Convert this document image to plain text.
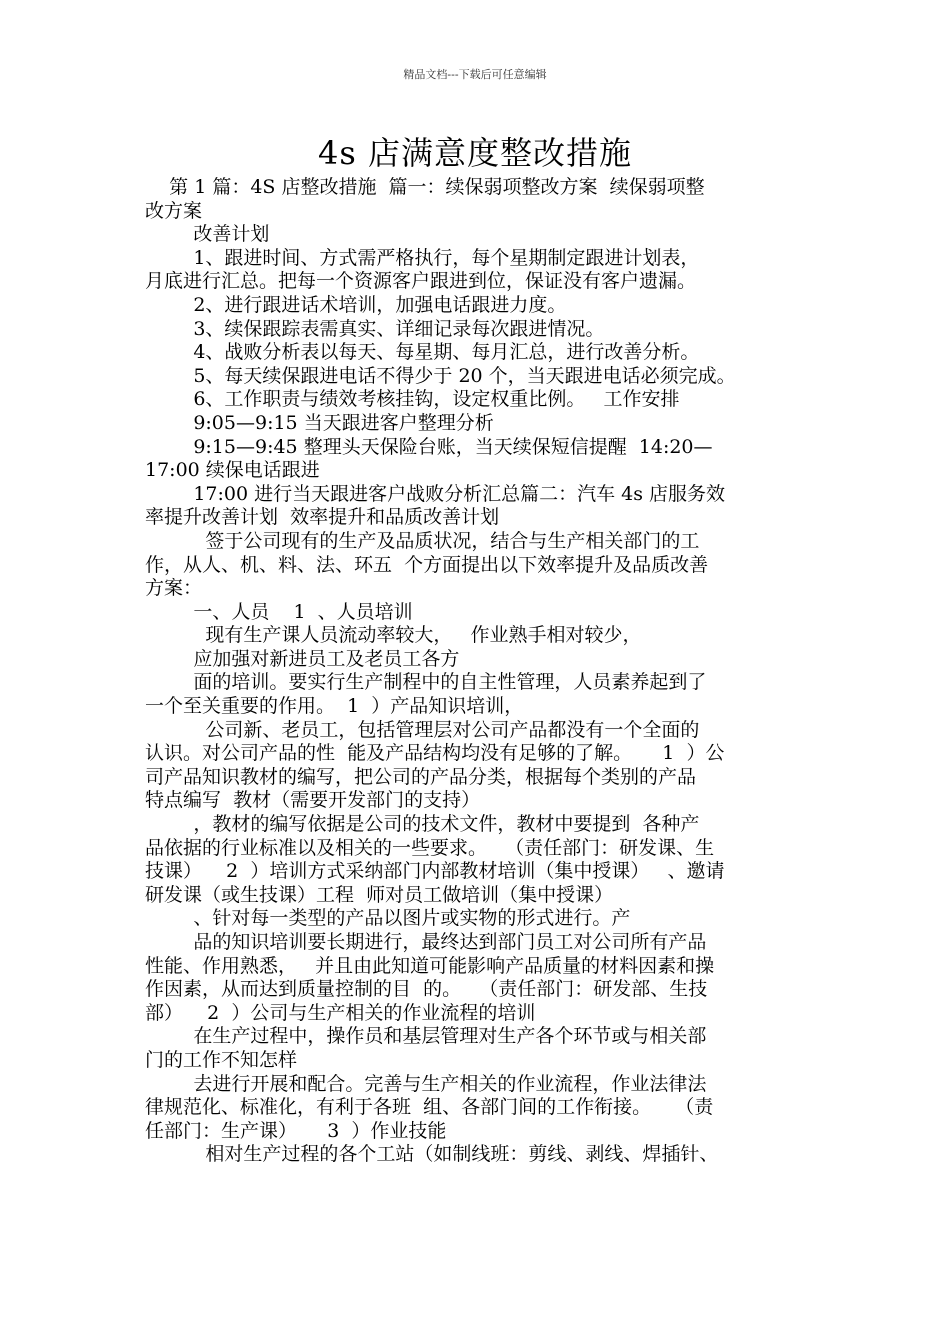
精品文档---下载后可任意编辑
4s 店满意度整改措施
第 1 篇：4S 店整改措施  篇一：续保弱项整改方案  续保弱项整
改方案
改善计划
1、跟进时间、方式需严格执行，每个星期制定跟进计划表，
月底进行汇总。把每一个资源客户跟进到位，保证没有客户遗漏。
2、进行跟进话术培训，加强电话跟进力度。
3、续保跟踪表需真实、详细记录每次跟进情况。
4、战败分析表以每天、每星期、每月汇总，进行改善分析。
5、每天续保跟进电话不得少于 20 个，当天跟进电话必须完成。
6、工作职责与绩效考核挂钩，设定权重比例。   工作安排
9:05—9:15 当天跟进客户整理分析
9:15—9:45 整理头天保险台账，当天续保短信提醒  14:20—
17:00 续保电话跟进
17:00 进行当天跟进客户战败分析汇总篇二：汽车 4s 店服务效
率提升改善计划  效率提升和品质改善计划
签于公司现有的生产及品质状况，结合与生产相关部门的工
作，从人、机、料、法、环五  个方面提出以下效率提升及品质改善
方案：
一、人员    1  、人员培训
现有生产课人员流动率较大，   作业熟手相对较少，
应加强对新进员工及老员工各方
面的培训。要实行生产制程中的自主性管理，人员素养起到了
一个至关重要的作用。  1  ）产品知识培训，
公司新、老员工，包括管理层对公司产品都没有一个全面的
认识。对公司产品的性  能及产品结构均没有足够的了解。     1  ）公
司产品知识教材的编写，把公司的产品分类，根据每个类别的产品
特点编写  教材（需要开发部门的支持）
，教材的编写依据是公司的技术文件，教材中要提到  各种产
品依据的行业标准以及相关的一些要求。   （责任部门：研发课、生
技课）    2  ）培训方式采纳部门内部教材培训（集中授课）   、邀请
研发课（或生技课）工程  师对员工做培训（集中授课）
、针对每一类型的产品以图片或实物的形式进行。产
品的知识培训要长期进行，最终达到部门员工对公司所有产品
性能、作用熟悉，   并且由此知道可能影响产品质量的材料因素和操
作因素，从而达到质量控制的目  的。   （责任部门：研发部、生技
部）    2  ）公司与生产相关的作业流程的培训
在生产过程中，操作员和基层管理对生产各个环节或与相关部
门的工作不知怎样
去进行开展和配合。完善与生产相关的作业流程，作业法律法
律规范化、标准化，有利于各班  组、各部门间的工作衔接。    （责
任部门：生产课）     3  ）作业技能
相对生产过程的各个工站（如制线班：剪线、剥线、焊插针、
